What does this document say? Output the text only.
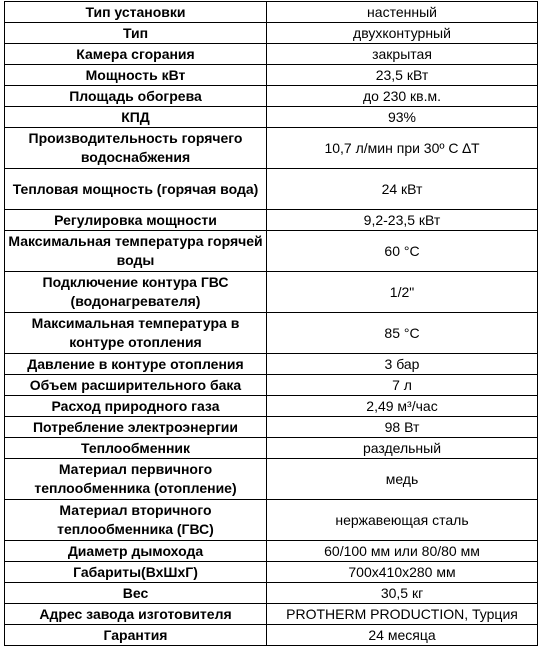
Тип установки	настенный
Тип	двухконтурный
Камера сгорания	закрытая
Мощность кВт	23,5 кВт
Площадь обогрева	до 230 кв.м.
КПД	93%
Производительность горячего водоснабжения	10,7 л/мин при 30º С ∆T
Тепловая мощность (горячая вода)	24 кВт
Регулировка мощности	9,2-23,5 кВт
Максимальная температура горячей воды	60 °C
Подключение контура ГВС (водонагревателя)	1/2"
Максимальная температура в контуре отопления	85 °C
Давление в контуре отопления	3 бар
Объем расширительного бака	7 л
Расход природного газа	2,49 м³/час
Потребление электроэнергии	98 Вт
Теплообменник	раздельный
Материал первичного теплообменника (отопление)	медь
Материал вторичного теплообменника (ГВС)	нержавеющая сталь
Диаметр дымохода	60/100 мм или 80/80 мм
Габариты(ВхШхГ)	700х410х280 мм
Вес	30,5 кг
Адрес завода изготовителя	PROTHERM PRODUCTION, Турция
Гарантия	24 месяца
